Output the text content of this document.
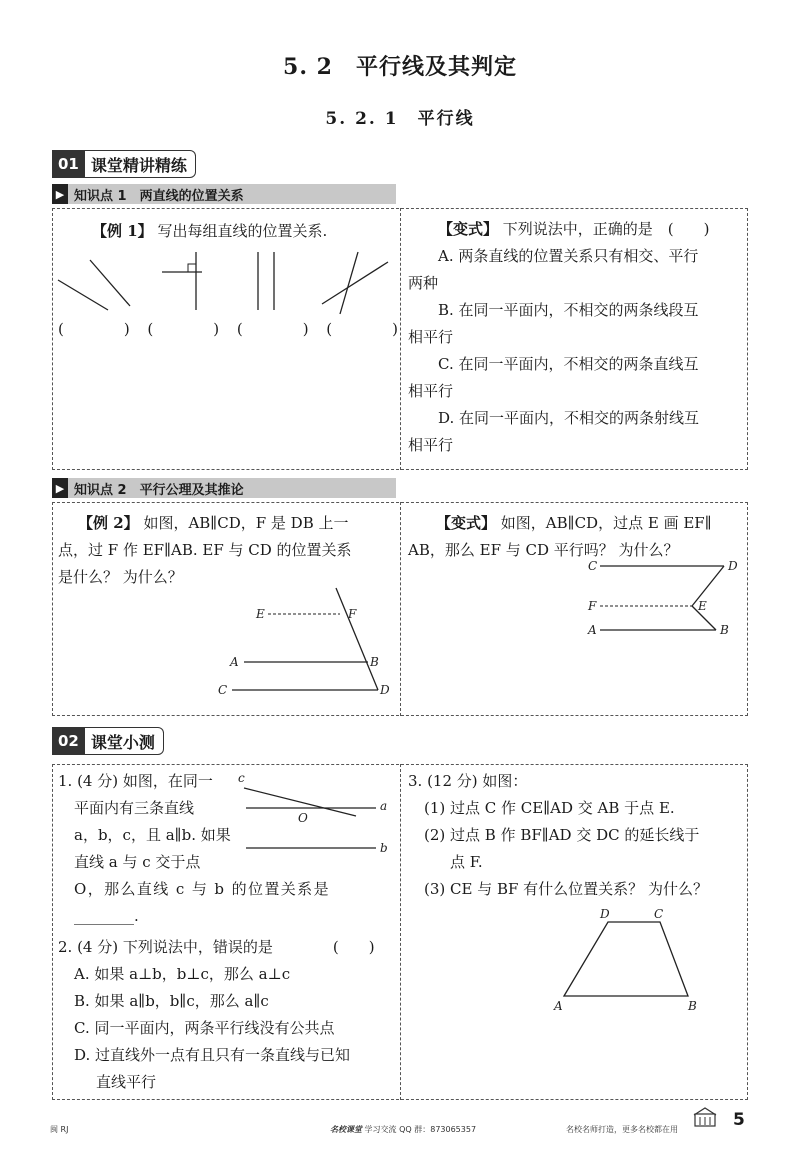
5. 2　平行线及其判定
5. 2. 1　平行线
01 课堂精讲精练
▶ 知识点 1　两直线的位置关系
【例 1】 写出每组直线的位置关系.
(　　　　) (　　　　) (　　　　) (　　　　)
【变式】 下列说法中，正确的是　(　　)
A. 两条直线的位置关系只有相交、平行
两种
B. 在同一平面内，不相交的两条线段互
相平行
C. 在同一平面内，不相交的两条直线互
相平行
D. 在同一平面内，不相交的两条射线互
相平行
▶ 知识点 2　平行公理及其推论
【例 2】 如图，AB∥CD，F 是 DB 上一
点，过 F 作 EF∥AB. EF 与 CD 的位置关系
是什么？ 为什么？
E	F
A	B
C	D
【变式】 如图，AB∥CD，过点 E 画 EF∥
AB，那么 EF 与 CD 平行吗？ 为什么？
C	D
F	E
A	B
02 课堂小测
1. (4 分) 如图，在同一
平面内有三条直线
a，b，c，且 a∥b. 如果
直线 a 与 c 交于点
O，那么直线 c 与 b 的位置关系是
________.
c
a
O
b
2. (4 分) 下列说法中，错误的是　　　　(　　)
A. 如果 a⊥b，b⊥c，那么 a⊥c
B. 如果 a∥b，b∥c，那么 a∥c
C. 同一平面内，两条平行线没有公共点
D. 过直线外一点有且只有一条直线与已知
直线平行
3. (12 分) 如图：
(1) 过点 C 作 CE∥AD 交 AB 于点 E.
(2) 过点 B 作 BF∥AD 交 DC 的延长线于
点 F.
(3) CE 与 BF 有什么位置关系？ 为什么？
D	C
A	B
闽 RJ	名校课堂 学习交流 QQ 群：873065357	名校名师打造，更多名校都在用	5
